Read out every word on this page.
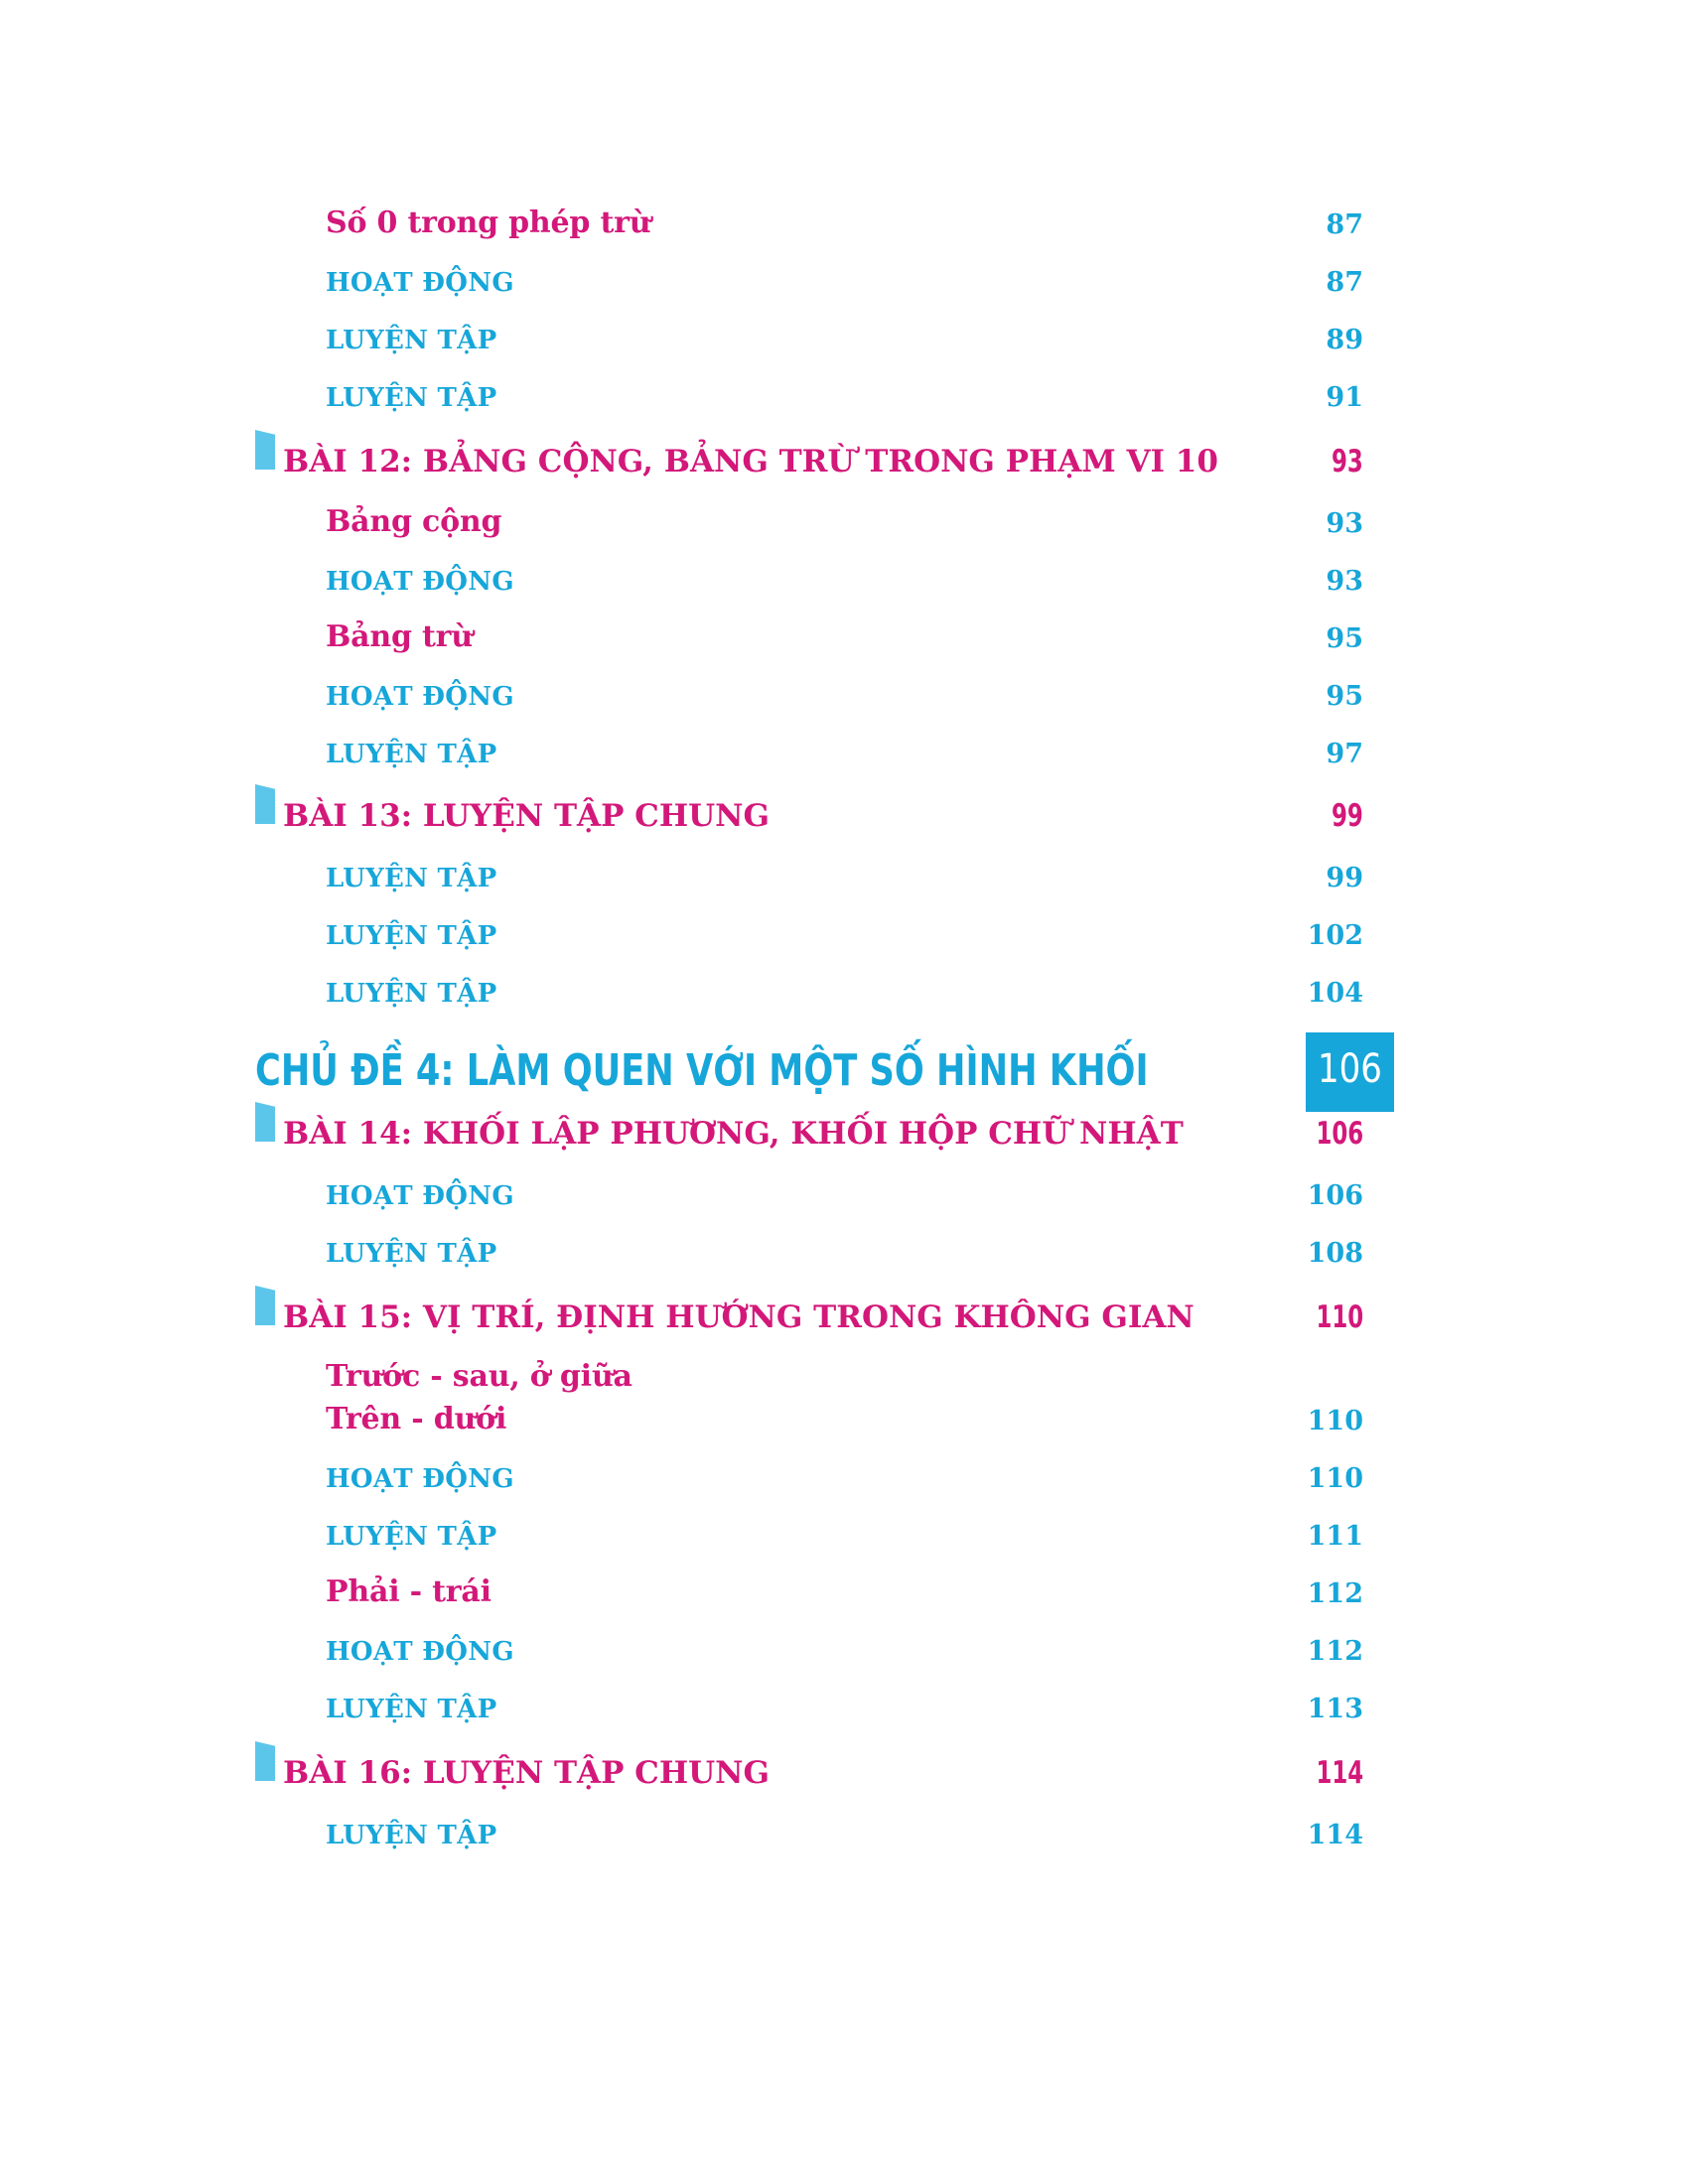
Số 0 trong phép trừ	87
HOẠT ĐỘNG	87
LUYỆN TẬP	89
LUYỆN TẬP	91
BÀI 12: BẢNG CỘNG, BẢNG TRỪ TRONG PHẠM VI 10	93
Bảng cộng	93
HOẠT ĐỘNG	93
Bảng trừ	95
HOẠT ĐỘNG	95
LUYỆN TẬP	97
BÀI 13: LUYỆN TẬP CHUNG	99
LUYỆN TẬP	99
LUYỆN TẬP	102
LUYỆN TẬP	104
CHỦ ĐỀ 4: LÀM QUEN VỚI MỘT SỐ HÌNH KHỐI	106
BÀI 14: KHỐI LẬP PHƯƠNG, KHỐI HỘP CHỮ NHẬT	106
HOẠT ĐỘNG	106
LUYỆN TẬP	108
BÀI 15: VỊ TRÍ, ĐỊNH HƯỚNG TRONG KHÔNG GIAN	110
Trước - sau, ở giữa
Trên - dưới	110
HOẠT ĐỘNG	110
LUYỆN TẬP	111
Phải - trái	112
HOẠT ĐỘNG	112
LUYỆN TẬP	113
BÀI 16: LUYỆN TẬP CHUNG	114
LUYỆN TẬP	114
